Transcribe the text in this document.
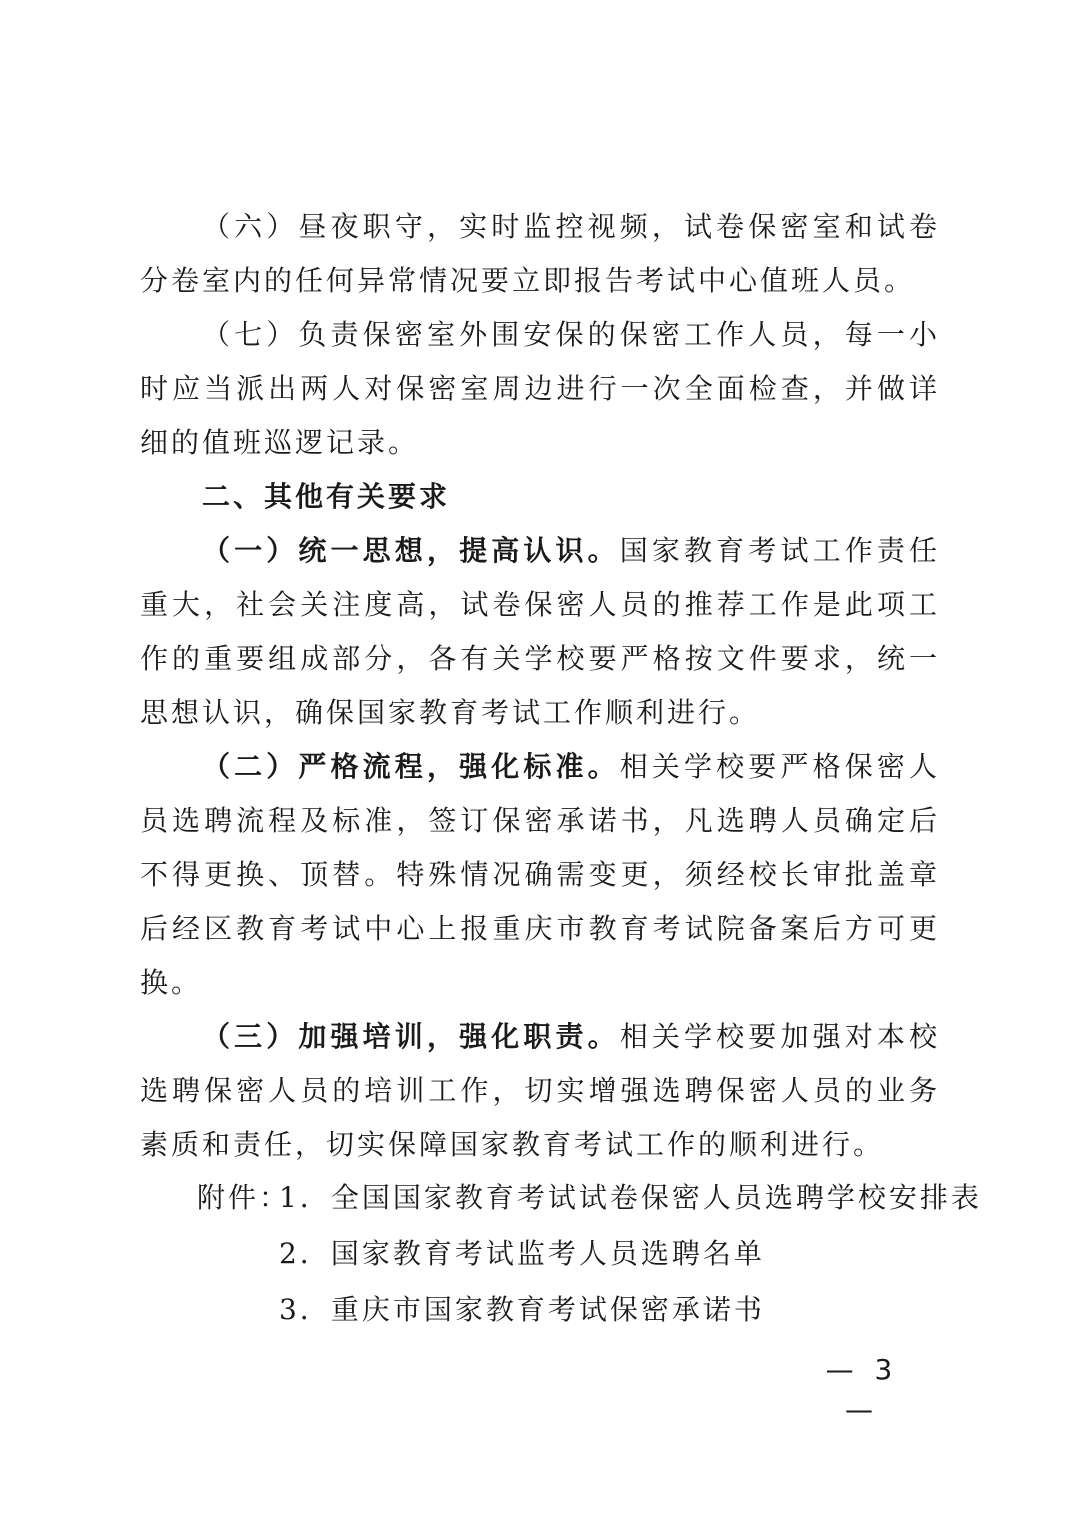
（六）昼夜职守，实时监控视频，试卷保密室和试卷分卷室内的任何异常情况要立即报告考试中心值班人员。

（七）负责保密室外围安保的保密工作人员，每一小时应当派出两人对保密室周边进行一次全面检查，并做详细的值班巡逻记录。

二、其他有关要求

（一）统一思想，提高认识。国家教育考试工作责任重大，社会关注度高，试卷保密人员的推荐工作是此项工作的重要组成部分，各有关学校要严格按文件要求，统一思想认识，确保国家教育考试工作顺利进行。

（二）严格流程，强化标准。相关学校要严格保密人员选聘流程及标准，签订保密承诺书，凡选聘人员确定后不得更换、顶替。特殊情况确需变更，须经校长审批盖章后经区教育考试中心上报重庆市教育考试院备案后方可更换。

（三）加强培训，强化职责。相关学校要加强对本校选聘保密人员的培训工作，切实增强选聘保密人员的业务素质和责任，切实保障国家教育考试工作的顺利进行。

附件：
1．全国国家教育考试试卷保密人员选聘学校安排表
2．国家教育考试监考人员选聘名单
3．重庆市国家教育考试保密承诺书
— 3 —
